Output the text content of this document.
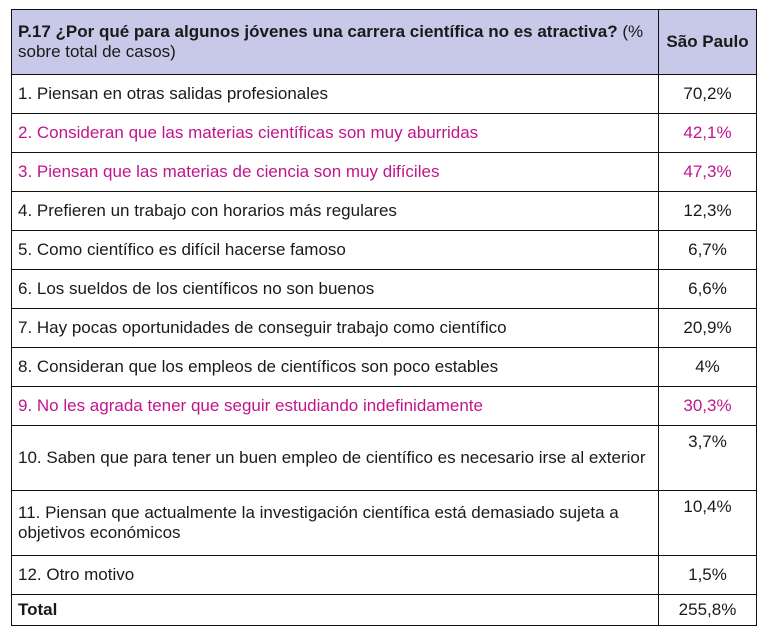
P.17 ¿Por qué para algunos jóvenes una carrera científica no es atractiva? (% sobre total de casos)	São Paulo
1. Piensan en otras salidas profesionales	70,2%
2. Consideran que las materias científicas son muy aburridas	42,1%
3. Piensan que las materias de ciencia son muy difíciles	47,3%
4. Prefieren un trabajo con horarios más regulares	12,3%
5. Como científico es difícil hacerse famoso	6,7%
6. Los sueldos de los científicos no son buenos	6,6%
7. Hay pocas oportunidades de conseguir trabajo como científico	20,9%
8. Consideran que los empleos de científicos son poco estables	4%
9. No les agrada tener que seguir estudiando indefinidamente	30,3%
10. Saben que para tener un buen empleo de científico es necesario irse al exterior	3,7%
11. Piensan que actualmente la investigación científica está demasiado sujeta a objetivos económicos	10,4%
12. Otro motivo	1,5%
Total	255,8%
